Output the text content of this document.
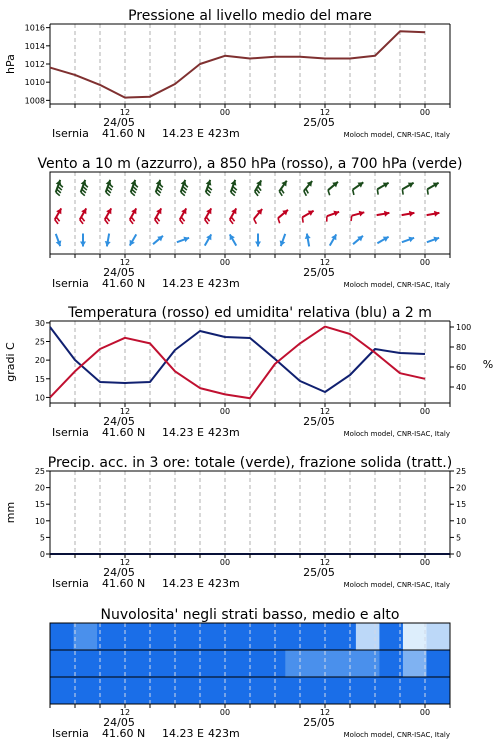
Pressione al livello medio del mare
1008
1010
1012
1014
1016
hPa
12	00	12	00
24/05	25/05
Isernia 41.60 N 14.23 E 423m	Moloch model, CNR-ISAC, Italy
Vento a 10 m (azzurro), a 850 hPa (rosso), a 700 hPa (verde)
12	00	12	00
24/05	25/05
Isernia 41.60 N 14.23 E 423m	Moloch model, CNR-ISAC, Italy
Temperatura (rosso) ed umidita' relativa (blu) a 2 m
10
15
20
25
30
40
60
80
100
gradi C	%
12	00	12	00
24/05	25/05
Isernia 41.60 N 14.23 E 423m	Moloch model, CNR-ISAC, Italy
Precip. acc. in 3 ore: totale (verde), frazione solida (tratt.)
0
5
10
15
20
25
0
5
10
15
20
25
mm
12	00	12	00
24/05	25/05
Isernia 41.60 N 14.23 E 423m	Moloch model, CNR-ISAC, Italy
Nuvolosita' negli strati basso, medio e alto
12	00	12	00
24/05	25/05
Isernia 41.60 N 14.23 E 423m	Moloch model, CNR-ISAC, Italy
